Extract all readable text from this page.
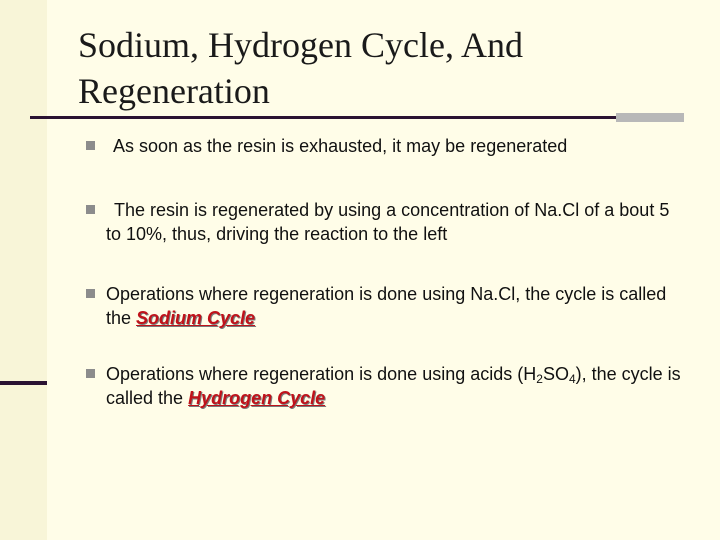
Sodium, Hydrogen Cycle, And Regeneration
As soon as the resin is exhausted, it may be regenerated
The resin is regenerated by using a concentration of Na.Cl of a bout 5 to 10%, thus, driving the reaction to the left
Operations where regeneration is done using Na.Cl, the cycle is called the Sodium Cycle
Operations where regeneration is done using acids $(H_2SO_4)$, the cycle is called the Hydrogen Cycle
